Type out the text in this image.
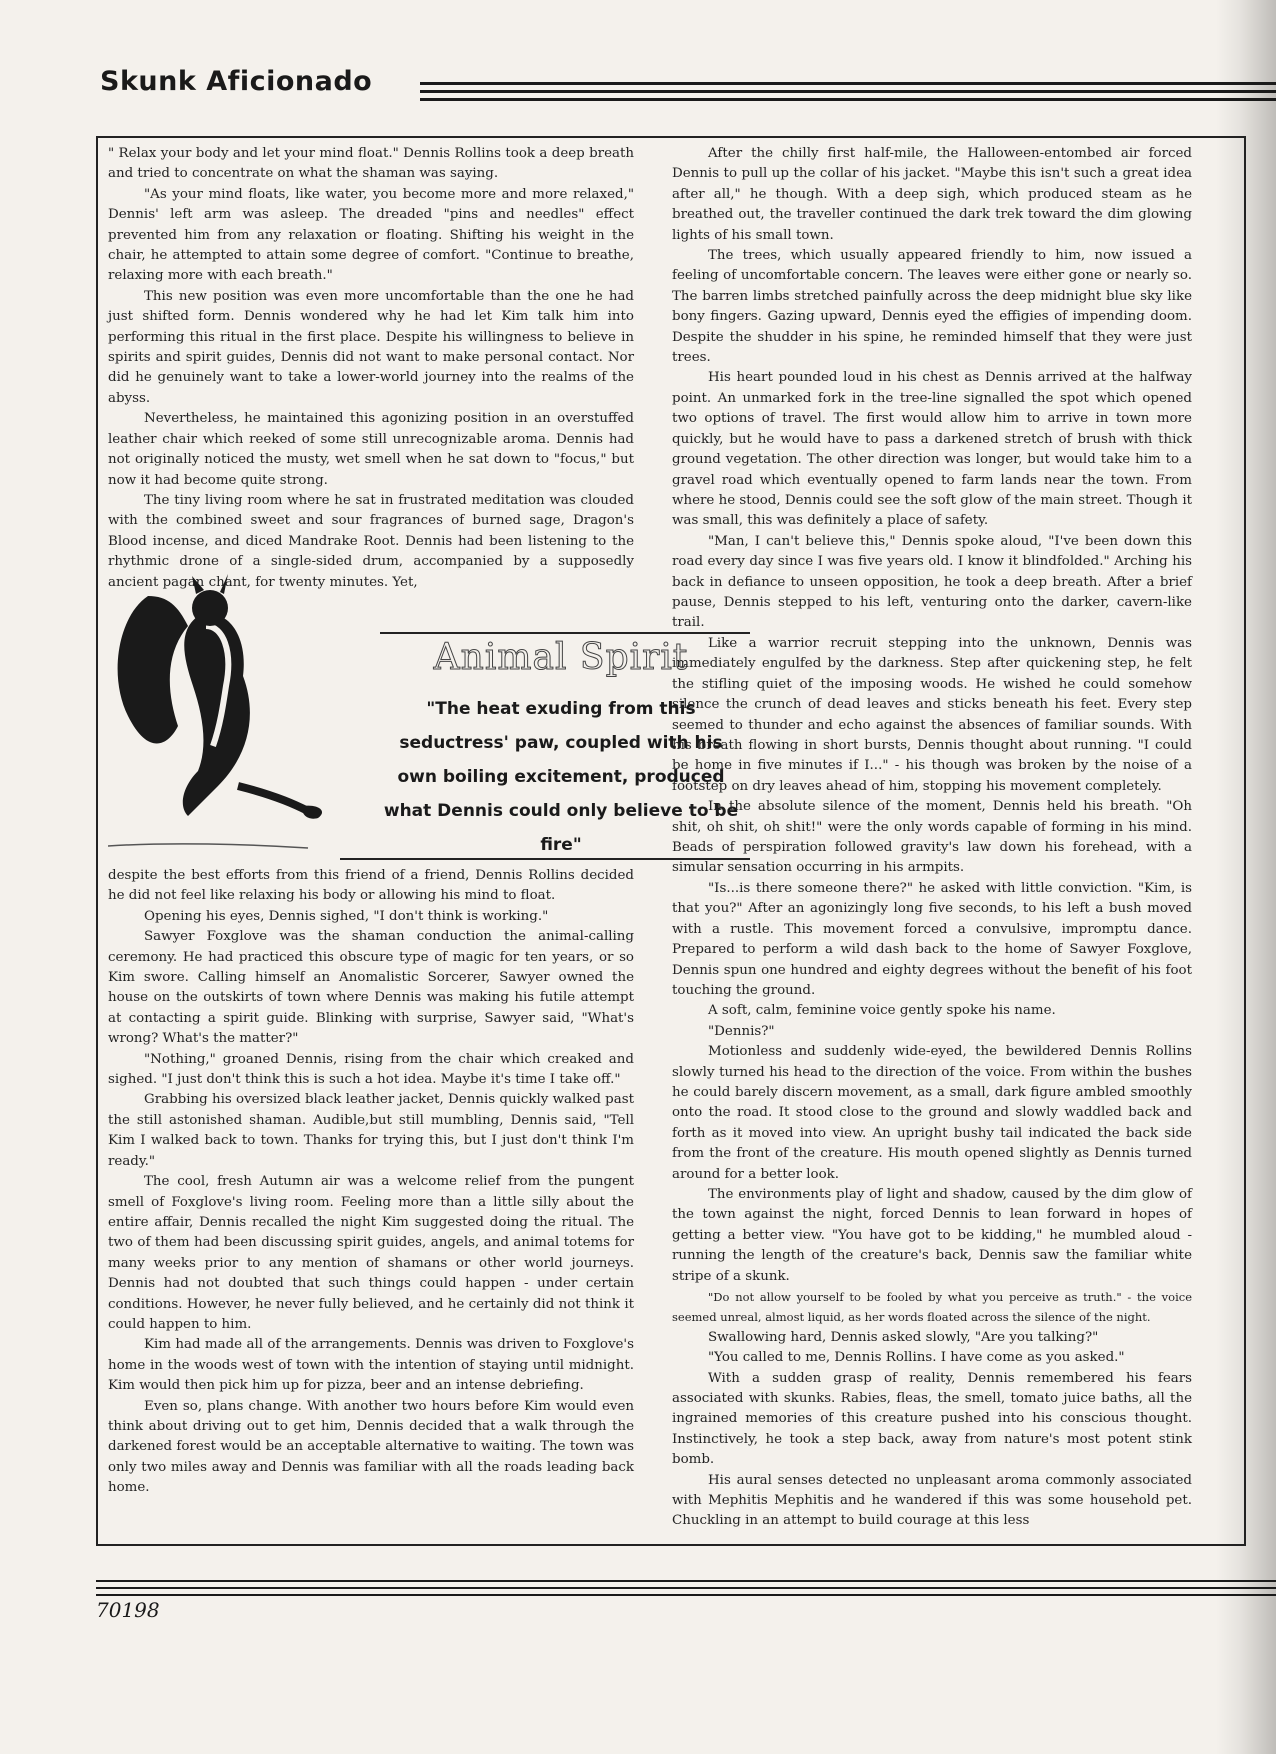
Skunk Aficionado

" Relax your body and let your mind float." Dennis Rollins took a deep breath and tried to concentrate on what the shaman was saying.

"As your mind floats, like water, you become more and more relaxed," Dennis' left arm was asleep. The dreaded "pins and needles" effect prevented him from any relaxation or floating. Shifting his weight in the chair, he attempted to attain some degree of comfort. "Continue to breathe, relaxing more with each breath."

This new position was even more uncomfortable than the one he had just shifted form. Dennis wondered why he had let Kim talk him into performing this ritual in the first place. Despite his willingness to believe in spirits and spirit guides, Dennis did not want to make personal contact. Nor did he genuinely want to take a lower-world journey into the realms of the abyss.

Nevertheless, he maintained this agonizing position in an overstuffed leather chair which reeked of some still unrecognizable aroma. Dennis had not originally noticed the musty, wet smell when he sat down to "focus," but now it had become quite strong.

The tiny living room where he sat in frustrated meditation was clouded with the combined sweet and sour fragrances of burned sage, Dragon's Blood incense, and diced Mandrake Root. Dennis had been listening to the rhythmic drone of a single-sided drum, accompanied by a supposedly ancient pagan chant, for twenty minutes. Yet,

Animal Spirit
"The heat exuding from this seductress' paw, coupled with his own boiling excitement, produced what Dennis could only believe to be fire"

despite the best efforts from this friend of a friend, Dennis Rollins decided he did not feel like relaxing his body or allowing his mind to float.

Opening his eyes, Dennis sighed, "I don't think is working."

Sawyer Foxglove was the shaman conduction the animal-calling ceremony. He had practiced this obscure type of magic for ten years, or so Kim swore. Calling himself an Anomalistic Sorcerer, Sawyer owned the house on the outskirts of town where Dennis was making his futile attempt at contacting a spirit guide. Blinking with surprise, Sawyer said, "What's wrong? What's the matter?"

"Nothing," groaned Dennis, rising from the chair which creaked and sighed. "I just don't think this is such a hot idea. Maybe it's time I take off."

Grabbing his oversized black leather jacket, Dennis quickly walked past the still astonished shaman. Audible,but still mumbling, Dennis said, "Tell Kim I walked back to town. Thanks for trying this, but I just don't think I'm ready."

The cool, fresh Autumn air was a welcome relief from the pungent smell of Foxglove's living room. Feeling more than a little silly about the entire affair, Dennis recalled the night Kim suggested doing the ritual. The two of them had been discussing spirit guides, angels, and animal totems for many weeks prior to any mention of shamans or other world journeys. Dennis had not doubted that such things could happen - under certain conditions. However, he never fully believed, and he certainly did not think it could happen to him.

Kim had made all of the arrangements. Dennis was driven to Foxglove's home in the woods west of town with the intention of staying until midnight. Kim would then pick him up for pizza, beer and an intense debriefing.

Even so, plans change. With another two hours before Kim would even think about driving out to get him, Dennis decided that a walk through the darkened forest would be an acceptable alternative to waiting. The town was only two miles away and Dennis was familiar with all the roads leading back home.

After the chilly first half-mile, the Halloween-entombed air forced Dennis to pull up the collar of his jacket. "Maybe this isn't such a great idea after all," he though. With a deep sigh, which produced steam as he breathed out, the traveller continued the dark trek toward the dim glowing lights of his small town.

The trees, which usually appeared friendly to him, now issued a feeling of uncomfortable concern. The leaves were either gone or nearly so. The barren limbs stretched painfully across the deep midnight blue sky like bony fingers. Gazing upward, Dennis eyed the effigies of impending doom. Despite the shudder in his spine, he reminded himself that they were just trees.

His heart pounded loud in his chest as Dennis arrived at the halfway point. An unmarked fork in the tree-line signalled the spot which opened two options of travel. The first would allow him to arrive in town more quickly, but he would have to pass a darkened stretch of brush with thick ground vegetation. The other direction was longer, but would take him to a gravel road which eventually opened to farm lands near the town. From where he stood, Dennis could see the soft glow of the main street. Though it was small, this was definitely a place of safety.

"Man, I can't believe this," Dennis spoke aloud, "I've been down this road every day since I was five years old. I know it blindfolded." Arching his back in defiance to unseen opposition, he took a deep breath. After a brief pause, Dennis stepped to his left, venturing onto the darker, cavern-like trail.

Like a warrior recruit stepping into the unknown, Dennis was immediately engulfed by the darkness. Step after quickening step, he felt the stifling quiet of the imposing woods. He wished he could somehow silence the crunch of dead leaves and sticks beneath his feet. Every step seemed to thunder and echo against the absences of familiar sounds. With his breath flowing in short bursts, Dennis thought about running. "I could be home in five minutes if I..." - his though was broken by the noise of a footstep on dry leaves ahead of him, stopping his movement completely.

In the absolute silence of the moment, Dennis held his breath. "Oh shit, oh shit, oh shit!" were the only words capable of forming in his mind. Beads of perspiration followed gravity's law down his forehead, with a simular sensation occurring in his armpits.

"Is...is there someone there?" he asked with little conviction. "Kim, is that you?" After an agonizingly long five seconds, to his left a bush moved with a rustle. This movement forced a convulsive, impromptu dance. Prepared to perform a wild dash back to the home of Sawyer Foxglove, Dennis spun one hundred and eighty degrees without the benefit of his foot touching the ground.

A soft, calm, feminine voice gently spoke his name.

"Dennis?"

Motionless and suddenly wide-eyed, the bewildered Dennis Rollins slowly turned his head to the direction of the voice. From within the bushes he could barely discern movement, as a small, dark figure ambled smoothly onto the road. It stood close to the ground and slowly waddled back and forth as it moved into view. An upright bushy tail indicated the back side from the front of the creature. His mouth opened slightly as Dennis turned around for a better look.

The environments play of light and shadow, caused by the dim glow of the town against the night, forced Dennis to lean forward in hopes of getting a better view. "You have got to be kidding," he mumbled aloud - running the length of the creature's back, Dennis saw the familiar white stripe of a skunk.

"Do not allow yourself to be fooled by what you perceive as truth." - the voice seemed unreal, almost liquid, as her words floated across the silence of the night.

Swallowing hard, Dennis asked slowly, "Are you talking?"

"You called to me, Dennis Rollins. I have come as you asked."

With a sudden grasp of reality, Dennis remembered his fears associated with skunks. Rabies, fleas, the smell, tomato juice baths, all the ingrained memories of this creature pushed into his conscious thought. Instinctively, he took a step back, away from nature's most potent stink bomb.

His aural senses detected no unpleasant aroma commonly associated with Mephitis Mephitis and he wandered if this was some household pet. Chuckling in an attempt to build courage at this less

70198
